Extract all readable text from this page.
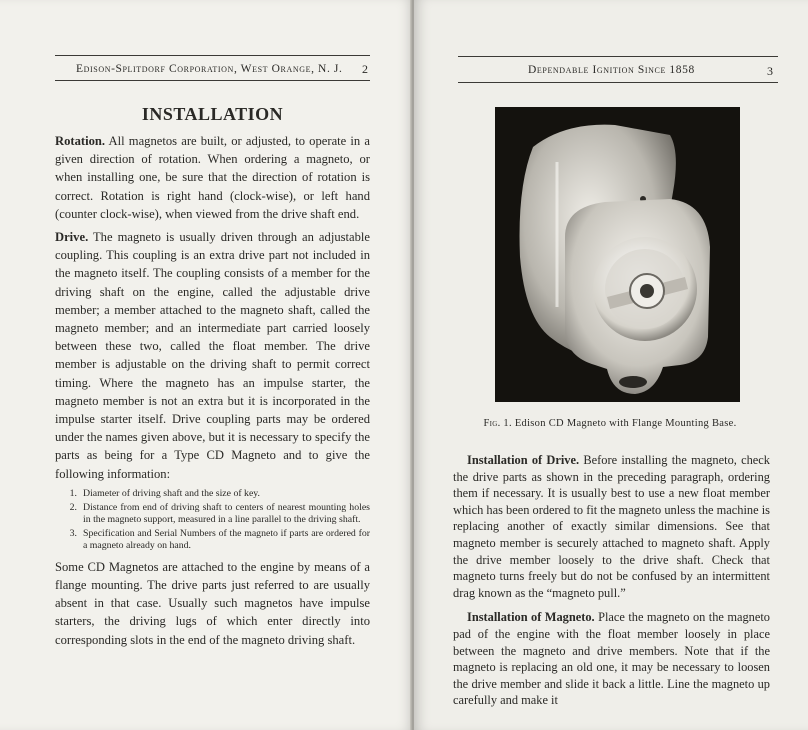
Edison-Splitdorf Corporation, West Orange, N. J. 2
INSTALLATION

Rotation. All magnetos are built, or adjusted, to operate in a given direction of rotation. When ordering a magneto, or when installing one, be sure that the direction of rotation is correct. Rotation is right hand (clock-wise), or left hand (counter clock-wise), when viewed from the drive shaft end.

Drive. The magneto is usually driven through an adjustable coupling. This coupling is an extra drive part not included in the magneto itself. The coupling consists of a member for the driving shaft on the engine, called the adjustable drive member; a member attached to the magneto shaft, called the magneto member; and an intermediate part carried loosely between these two, called the float member. The drive member is adjustable on the driving shaft to permit correct timing. Where the magneto has an impulse starter, the magneto member is not an extra but it is incorporated in the impulse starter itself. Drive coupling parts may be ordered under the names given above, but it is necessary to specify the parts as being for a Type CD Magneto and to give the following information:

1. Diameter of driving shaft and the size of key.
2. Distance from end of driving shaft to centers of nearest mounting holes in the magneto support, measured in a line parallel to the driving shaft.
3. Specification and Serial Numbers of the magneto if parts are ordered for a magneto already on hand.

Some CD Magnetos are attached to the engine by means of a flange mounting. The drive parts just referred to are usually absent in that case. Usually such magnetos have impulse starters, the driving lugs of which enter directly into corresponding slots in the end of the magneto driving shaft.

Dependable Ignition Since 1858	3
Fig. 1. Edison CD Magneto with Flange Mounting Base.

Installation of Drive. Before installing the magneto, check the drive parts as shown in the preceding paragraph, ordering them if necessary. It is usually best to use a new float member which has been ordered to fit the magneto unless the machine is replacing another of exactly similar dimensions. See that magneto member is securely attached to magneto shaft. Apply the drive member loosely to the drive shaft. Check that magneto turns freely but do not be confused by an intermittent drag known as the “magneto pull.”

Installation of Magneto. Place the magneto on the magneto pad of the engine with the float member loosely in place between the magneto and drive members. Note that if the magneto is replacing an old one, it may be necessary to loosen the drive member and slide it back a little. Line the magneto up carefully and make it
